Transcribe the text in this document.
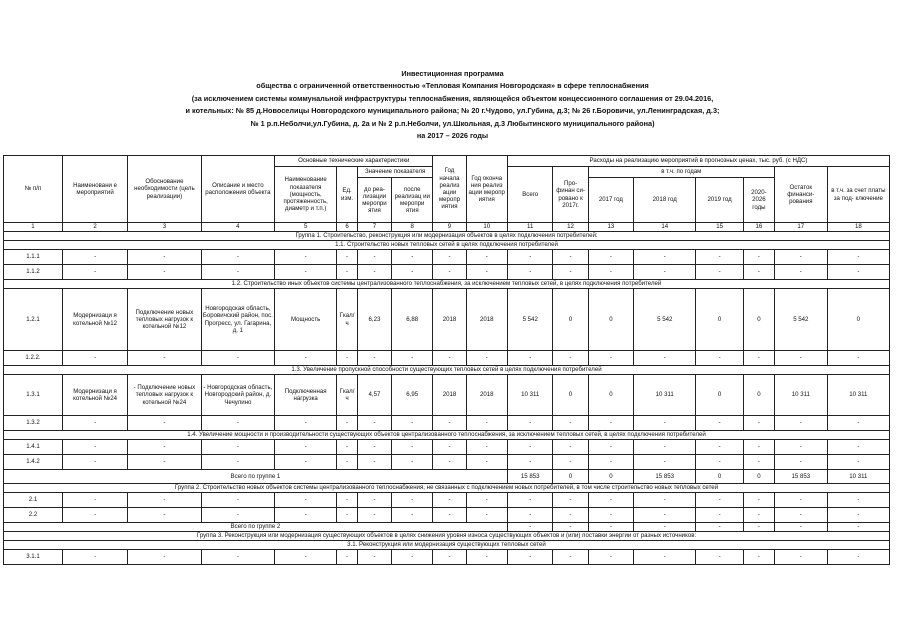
Инвестиционная программа
общества с ограниченной ответственностью «Тепловая Компания Новгородская» в сфере теплоснабжения
(за исключением системы коммунальной инфраструктуры теплоснабжения, являющейся объектом концессионного соглашения от 29.04.2016,
и котельных: № 85 д.Новоселицы Новгородского муниципального района; № 20 г.Чудово, ул.Губина, д.3; № 26 г.Боровичи, ул.Ленинградская, д.3;
№ 1 р.п.Неболчи,ул.Губина, д. 2а и № 2 р.п.Неболчи, ул.Школьная, д.3 Любытинского муниципального района)
на 2017 – 2026 годы
№ п/п	Наименовани е мероприятий	Обоснование необходимости (цель реализации)	Описание и место расположения объекта	Основные технические характеристики				Год начала реализ ации меропр иятия	Год оконча ния реализ ации меропр иятия	Расходы на реализацию мероприятий в прогнозных ценах, тыс. руб. (с НДС)							
				Наименование показателя (мощность, протяженность, диаметр и т.п.)	Ед. изм.	Значение показателя				Всего	Про- финан си- ровано к 2017г.	в т.ч. по годам				Остаток финанси- рования	в т.ч. за счет платы за под- ключение
						до реа- лизации меропри ятия	после реализац ии меропри ятия					2017 год	2018 год	2019 год	2020- 2026 годы		
1	2	3	4	5	6	7	8	9	10	11	12	13	14	15	16	17	18
Группа 1. Строительство, реконструкция или модернизация объектов в целях подключения потребителей:																	
1.1. Строительство новых тепловых сетей в целях подключения потребителей																	
1.1.1	-	-	-	-	-	-	-	-	-	-	-	-	-	-	-	-	-
1.1.2	-	-	-	-	-	-	-	-	-	-	-	-	-	-	-	-	-
1.2. Строительство иных объектов системы централизованного теплоснабжения, за исключением тепловых сетей, в целях подключения потребителей																	
1.2.1	Модернизаци я котельной №12	Подключение новых тепловых нагрузок к котельной №12	Новгородская область, Боровичский район, пос. Прогресс, ул. Гагарина, д. 1	Мощность	Гкал/ ч	6,23	6,88	2018	2018	5 542	0	0	5 542	0	0	5 542	0
1.2.2.	-	-	-	-	-	-	-	-	-	-	-	-	-	-	-	-	-
1.3. Увеличение пропускной способности существующих тепловых сетей в целях подключения потребителей																	
1.3.1	Модернизаци я котельной №24	- Подключение новых тепловых нагрузок к котельной №24	- Новгородская область, Новгородский район, д. Чечулино	Подключенная нагрузка	Гкал/ ч	4,57	6,95	2018	2018	10 311	0	0	10 311	0	0	10 311	10 311
1.3.2	-	-	-	-	-	-	-	-	-	-	-	-	-	-	-	-	-
1.4. Увеличение мощности и производительности существующих объектов централизованного теплоснабжения, за исключением тепловых сетей, в целях подключения потребителей																	
1.4.1	-	-	-	-	-	-	-	-	-	-	-	-	-	-	-	-	-
1.4.2	-	-	-	-	-	-	-	-	-	-	-	-	-	-	-	-	-
Всего по группе 1										15 853	0	0	15 853	0	0	15 853	10 311
Группа 2. Строительство новых объектов системы централизованного теплоснабжения, не связанных с подключением новых потребителей, в том числе строительство новых тепловых сетей																	
2.1	-	-	-	-	-	-	-	-	-	-	-	-	-	-	-	-	-
2.2	-	-	-	-	-	-	-	-	-	-	-	-	-	-	-	-	-
Всего по группе 2										-	-	-	-	-	-	-	-
Группа 3. Реконструкция или модернизация существующих объектов в целях снижения уровня износа существующих объектов и (или) поставки энергии от разных источников:																	
3.1. Реконструкция или модернизация существующих тепловых сетей																	
3.1.1	-	-	-	-	-	-	-	-	-	-	-	-	-	-	-	-	-
